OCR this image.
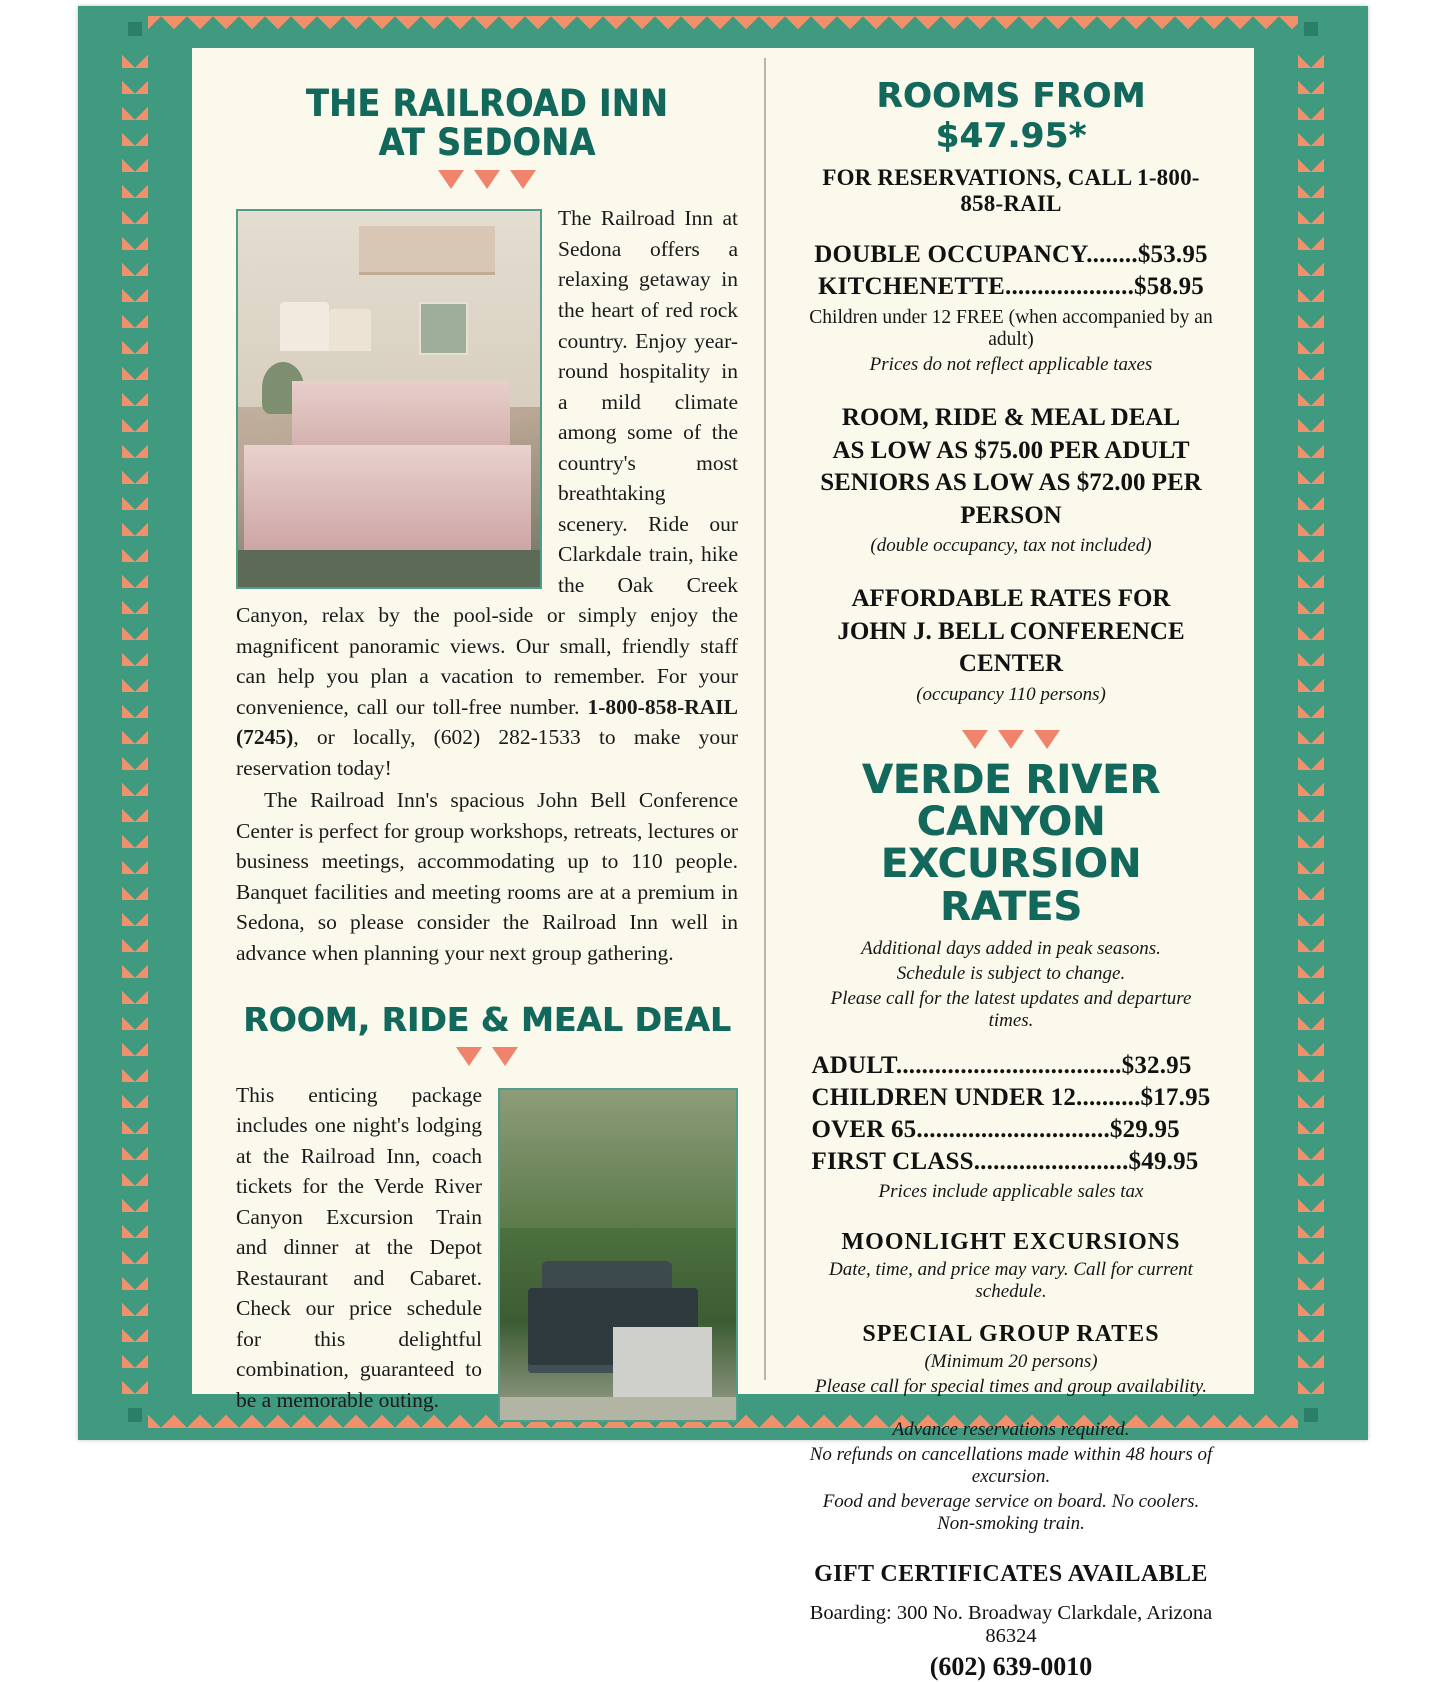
THE RAILROAD INN
AT SEDONA

The Railroad Inn at Sedona offers a relaxing getaway in the heart of red rock country. Enjoy year-round hospitality in a mild climate among some of the country's most breathtaking scenery. Ride our Clarkdale train, hike the Oak Creek Canyon, relax by the pool-side or simply enjoy the magnificent panoramic views. Our small, friendly staff can help you plan a vacation to remember. For your convenience, call our toll-free number. 1-800-858-RAIL (7245), or locally, (602) 282-1533 to make your reservation today!

The Railroad Inn's spacious John Bell Conference Center is perfect for group workshops, retreats, lectures or business meetings, accommodating up to 110 people. Banquet facilities and meeting rooms are at a premium in Sedona, so please consider the Railroad Inn well in advance when planning your next group gathering.

ROOM, RIDE & MEAL DEAL

This enticing package includes one night's lodging at the Railroad Inn, coach tickets for the Verde River Canyon Excursion Train and dinner at the Depot Restaurant and Cabaret. Check our price schedule for this delightful combination, guaranteed to be a memorable outing.

ROOMS FROM $47.95*
FOR RESERVATIONS, CALL 1-800-858-RAIL
DOUBLE OCCUPANCY........$53.95
KITCHENETTE....................$58.95
Children under 12 FREE (when accompanied by an adult)
Prices do not reflect applicable taxes
ROOM, RIDE & MEAL DEAL
AS LOW AS $75.00 PER ADULT
SENIORS AS LOW AS $72.00 PER PERSON
(double occupancy, tax not included)
AFFORDABLE RATES FOR
JOHN J. BELL CONFERENCE CENTER
(occupancy 110 persons)

VERDE RIVER CANYON
EXCURSION RATES
Additional days added in peak seasons.
Schedule is subject to change.
Please call for the latest updates and departure times.
ADULT...................................$32.95
CHILDREN UNDER 12..........$17.95
OVER 65..............................$29.95
FIRST CLASS........................$49.95
Prices include applicable sales tax
MOONLIGHT EXCURSIONS
Date, time, and price may vary. Call for current schedule.
SPECIAL GROUP RATES
(Minimum 20 persons)
Please call for special times and group availability.
Advance reservations required.
No refunds on cancellations made within 48 hours of excursion.
Food and beverage service on board. No coolers. Non-smoking train.
GIFT CERTIFICATES AVAILABLE
Boarding: 300 No. Broadway Clarkdale, Arizona 86324
(602) 639-0010
